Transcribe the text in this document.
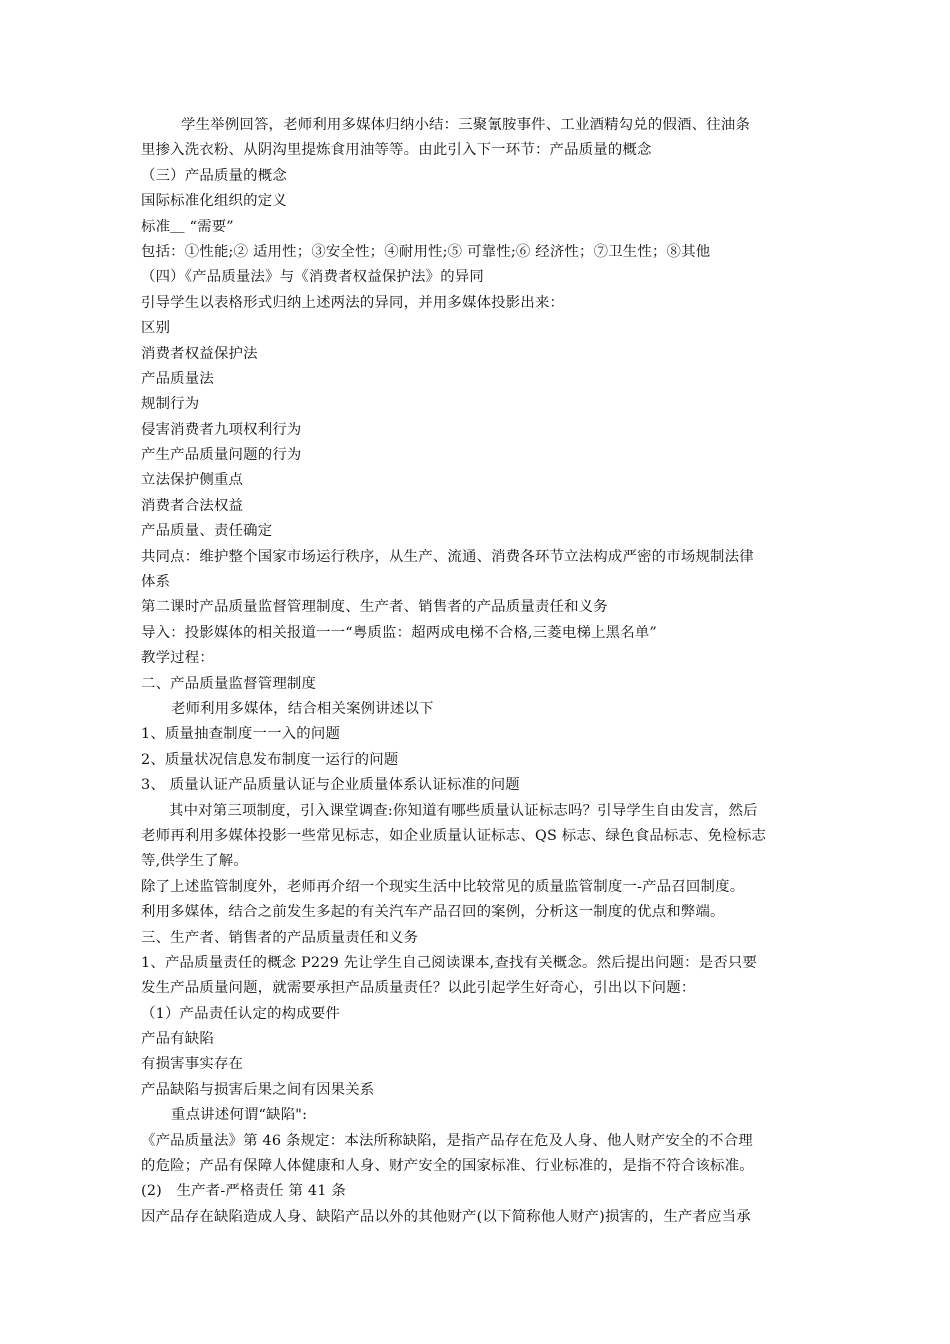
学生举例回答，老师利用多媒体归纳小结：三聚氰胺事件、工业酒精勾兑的假酒、往油条
里掺入洗衣粉、从阴沟里提炼食用油等等。由此引入下一环节：产品质量的概念
（三）产品质量的概念
国际标准化组织的定义
标准＿ “需要”
包括：①性能;② 适用性；③安全性；④耐用性;⑤ 可靠性;⑥ 经济性；⑦卫生性；⑧其他
（四）《产品质量法》与《消费者权益保护法》的异同
引导学生以表格形式归纳上述两法的异同，并用多媒体投影出来：
区别
消费者权益保护法
产品质量法
规制行为
侵害消费者九项权利行为
产生产品质量问题的行为
立法保护侧重点
消费者合法权益
产品质量、责任确定
共同点：维护整个国家市场运行秩序，从生产、流通、消费各环节立法构成严密的市场规制法律
体系
第二课时产品质量监督管理制度、生产者、销售者的产品质量责任和义务
导入：投影媒体的相关报道一一“粤质监：超两成电梯不合格,三菱电梯上黑名单”
教学过程：
二、产品质量监督管理制度
老师利用多媒体，结合相关案例讲述以下
1、质量抽查制度一一入的问题
2、质量状况信息发布制度一运行的问题
3、 质量认证产品质量认证与企业质量体系认证标准的问题
其中对第三项制度，引入课堂调查:你知道有哪些质量认证标志吗？引导学生自由发言，然后
老师再利用多媒体投影一些常见标志，如企业质量认证标志、QS 标志、绿色食品标志、免检标志
等,供学生了解。
除了上述监管制度外，老师再介绍一个现实生活中比较常见的质量监管制度一-产品召回制度。
利用多媒体，结合之前发生多起的有关汽车产品召回的案例，分析这一制度的优点和弊端。
三、生产者、销售者的产品质量责任和义务
1、产品质量责任的概念 P229 先让学生自己阅读课本,查找有关概念。然后提出问题：是否只要
发生产品质量问题，就需要承担产品质量责任？以此引起学生好奇心，引出以下问题：
（1）产品责任认定的构成要件
产品有缺陷
有损害事实存在
产品缺陷与损害后果之间有因果关系
重点讲述何谓“缺陷":
《产品质量法》第 46 条规定：本法所称缺陷，是指产品存在危及人身、他人财产安全的不合理
的危险；产品有保障人体健康和人身、财产安全的国家标准、行业标准的，是指不符合该标准。
(2)　生产者-严格责任 第 41 条
因产品存在缺陷造成人身、缺陷产品以外的其他财产(以下简称他人财产)损害的，生产者应当承
